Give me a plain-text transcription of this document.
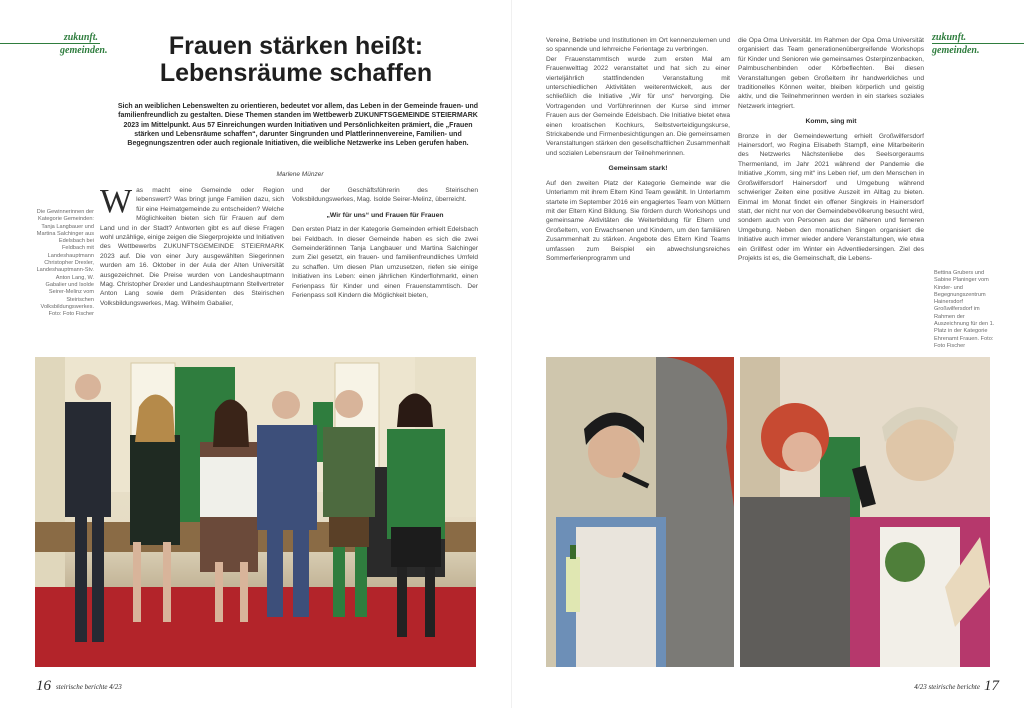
zukunft.
gemeinden.	Frauen stärken heißt:
Lebensräume schaffen
Sich an weiblichen Lebenswelten zu orientieren, bedeutet vor allem, das Leben in der Gemeinde frauen- und familienfreundlich zu gestalten. Diese Themen standen im Wettbewerb ZUKUNFTSGEMEINDE STEIERMARK 2023 im Mittelpunkt. Aus 57 Einreichungen wurden Initiativen und Persönlichkeiten prämiert, die „Frauen stärken und Lebensräume schaffen“, darunter Singrunden und Plattlerinnenvereine, Familien- und Begegnungszentren oder auch regionale Initiativen, die weibliche Netzwerke ins Leben gerufen haben.
Marlene Münzer
Die Gewinnerinnen der Kategorie Gemeinden: Tanja Langbauer und Martina Salchinger aus Edelsbach bei Feldbach mit Landeshauptmann Christopher Drexler, Landeshauptmann-Stv. Anton Lang, W. Gabalier und Isolde Seirer-Melinz vom Steirischen Volksbildungswerkes. Foto: Foto Fischer
W as macht eine Gemeinde oder Region lebenswert? Was bringt junge Familien dazu, sich für eine Heimatgemeinde zu entscheiden? Welche Möglichkeiten bieten sich für Frauen auf dem Land und in der Stadt? Antworten gibt es auf diese Fragen wohl unzählige, einige zeigen die Siegerprojekte und Initiativen des Wettbewerbs ZUKUNFTSGEMEINDE STEIERMARK 2023 auf. Die von einer Jury ausgewählten Siegerinnen wurden am 16. Oktober in der Aula der Alten Universität ausgezeichnet. Die Preise wurden von Landeshauptmann Mag. Christopher Drexler und Landeshauptmann Stellvertreter Anton Lang sowie dem Präsidenten des Steirischen Volksbildungswerkes, Mag. Wilhelm Gabalier,

und der Geschäftsführerin des Steirischen Volksbildungswerkes, Mag. Isolde Seirer-Melinz, überreicht.

„Wir für uns“ und Frauen für Frauen

Den ersten Platz in der Kategorie Gemeinden erhielt Edelsbach bei Feldbach. In dieser Gemeinde haben es sich die zwei Gemeinderätinnen Tanja Langbauer und Martina Salchinger zum Ziel gesetzt, ein frauen- und familienfreundliches Umfeld zu schaffen. Um diesen Plan umzusetzen, riefen sie einige Initiativen ins Leben: einen jährlichen Kinderflohmarkt, einen Ferienpass für Kinder und einen Frauenstammtisch. Der Ferienpass soll Kindern die Möglichkeit bieten,

16 steirische berichte 4/23

Vereine, Betriebe und Institutionen im Ort kennenzulernen und so spannende und lehrreiche Ferientage zu verbringen.

Der Frauenstammtisch wurde zum ersten Mal am Frauenwelttag 2022 veranstaltet und hat sich zu einer vierteljährlich stattfindenden Veranstaltung mit unterschiedlichen Aktivitäten weiterentwickelt, aus der schließlich die Initiative „Wir für uns“ hervorging. Die Vortragenden und Vorführerinnen der Kurse sind immer Frauen aus der Gemeinde Edelsbach. Die Initiative bietet etwa einen kroatischen Kochkurs, Selbstverteidigungskurse, Strickabende und Firmenbesichtigungen an. Die gemeinsamen Veranstaltungen stärken den gesellschaftlichen Zusammenhalt und sozialen Lebensraum der Teilnehmerinnen.

Gemeinsam stark!

Auf den zweiten Platz der Kategorie Gemeinde war die Unterlamm mit ihrem Eltern Kind Team gewählt. In Unterlamm startete im September 2016 ein engagiertes Team von Müttern mit der Eltern Kind Bildung. Sie fördern durch Workshops und gemeinsame Aktivitäten die Weiterbildung für Eltern und Großeltern, von Erwachsenen und Kindern, um den familiären Zusammenhalt zu stärken. Angebote des Eltern Kind Teams umfassen zum Beispiel ein abwechslungsreiches Sommerferienprogramm und

die Opa Oma Universität. Im Rahmen der Opa Oma Universität organisiert das Team generationenübergreifende Workshops für Kinder und Senioren wie gemeinsames Osterpinzenbacken, Palmbuschenbinden oder Körbeflechten. Bei diesen Veranstaltungen geben Großeltern ihr handwerkliches und traditionelles Können weiter, bleiben körperlich und geistig aktiv, und die Teilnehmerinnen werden in ein starkes soziales Netzwerk integriert.

Komm, sing mit

Bronze in der Gemeindewertung erhielt Großwilfersdorf Hainersdorf, wo Regina Elisabeth Stampfl, eine Mitarbeiterin des Netzwerks Nächstenliebe des Seelsorgeraums Thermenland, im Jahr 2021 während der Pandemie die Initiative „Komm, sing mit“ ins Leben rief, um den Menschen in Großwilfersdorf Hainersdorf und Umgebung während schwieriger Zeiten eine positive Auszeit im Alltag zu bieten. Einmal im Monat findet ein offener Singkreis in Hainersdorf statt, der nicht nur von der Gemeindebevölkerung besucht wird, sondern auch von Personen aus der näheren und ferneren Umgebung. Neben den monatlichen Singen organisiert die Initiative auch immer wieder andere Veranstaltungen, wie etwa ein Grillfest oder im Winter ein Adventliedersingen. Ziel des Projekts ist es, die Gemeinschaft, die Lebens-

zukunft.
gemeinden.
Bettina Grubers und Sabine Planinger vom Kinder- und Begegnungszentrum Hainersdorf Großwilfersdorf im Rahmen der Auszeichnung für den 1. Platz in der Kategorie Ehrenamt Frauen. Foto: Foto Fischer
4/23 steirische berichte 17
